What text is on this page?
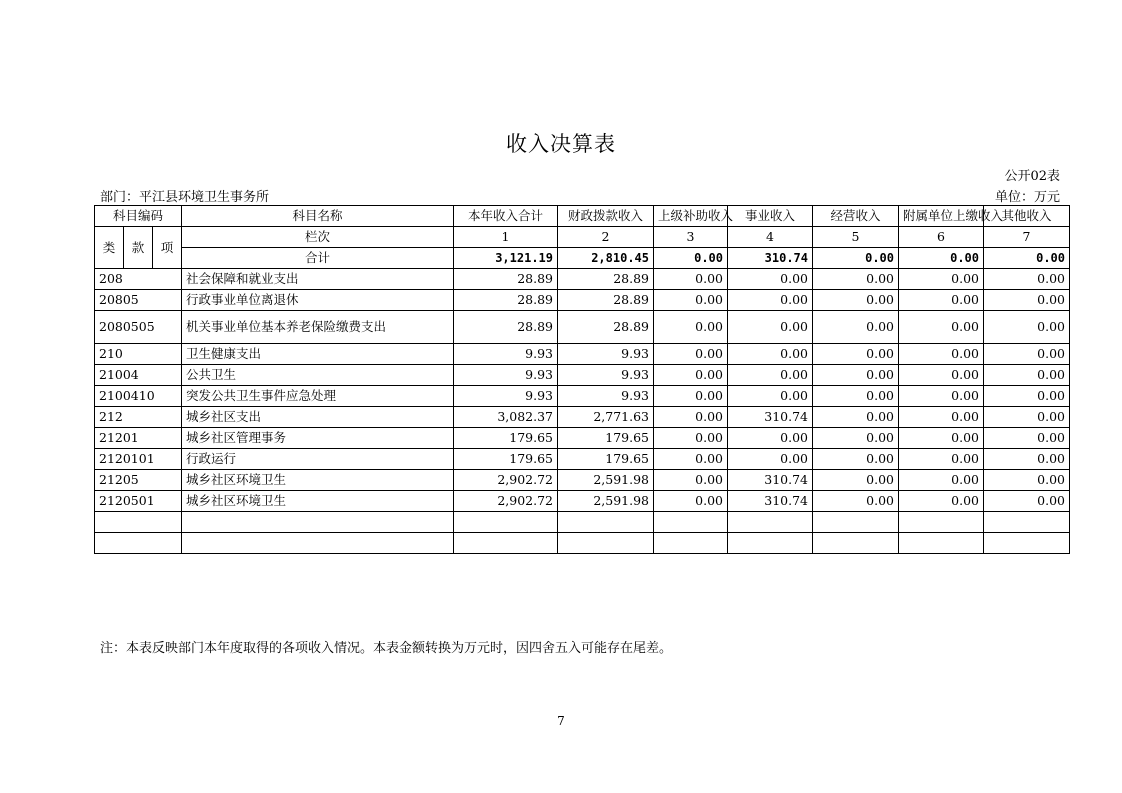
收入决算表
公开02表
部门：平江县环境卫生事务所	单位：万元
科目编码			科目名称	本年收入合计	财政拨款收入	上级补助收入	事业收入	经营收入	附属单位上缴收入	其他收入
类	款	项	栏次	1	2	3	4	5	6	7
			合计	3,121.19	2,810.45	0.00	310.74	0.00	0.00	0.00
208			社会保障和就业支出	28.89	28.89	0.00	0.00	0.00	0.00	0.00
20805			行政事业单位离退休	28.89	28.89	0.00	0.00	0.00	0.00	0.00
2080505			机关事业单位基本养老保险缴费支出	28.89	28.89	0.00	0.00	0.00	0.00	0.00
210			卫生健康支出	9.93	9.93	0.00	0.00	0.00	0.00	0.00
21004			公共卫生	9.93	9.93	0.00	0.00	0.00	0.00	0.00
2100410			突发公共卫生事件应急处理	9.93	9.93	0.00	0.00	0.00	0.00	0.00
212			城乡社区支出	3,082.37	2,771.63	0.00	310.74	0.00	0.00	0.00
21201			城乡社区管理事务	179.65	179.65	0.00	0.00	0.00	0.00	0.00
2120101			行政运行	179.65	179.65	0.00	0.00	0.00	0.00	0.00
21205			城乡社区环境卫生	2,902.72	2,591.98	0.00	310.74	0.00	0.00	0.00
2120501			城乡社区环境卫生	2,902.72	2,591.98	0.00	310.74	0.00	0.00	0.00

注：本表反映部门本年度取得的各项收入情况。本表金额转换为万元时，因四舍五入可能存在尾差。
7
